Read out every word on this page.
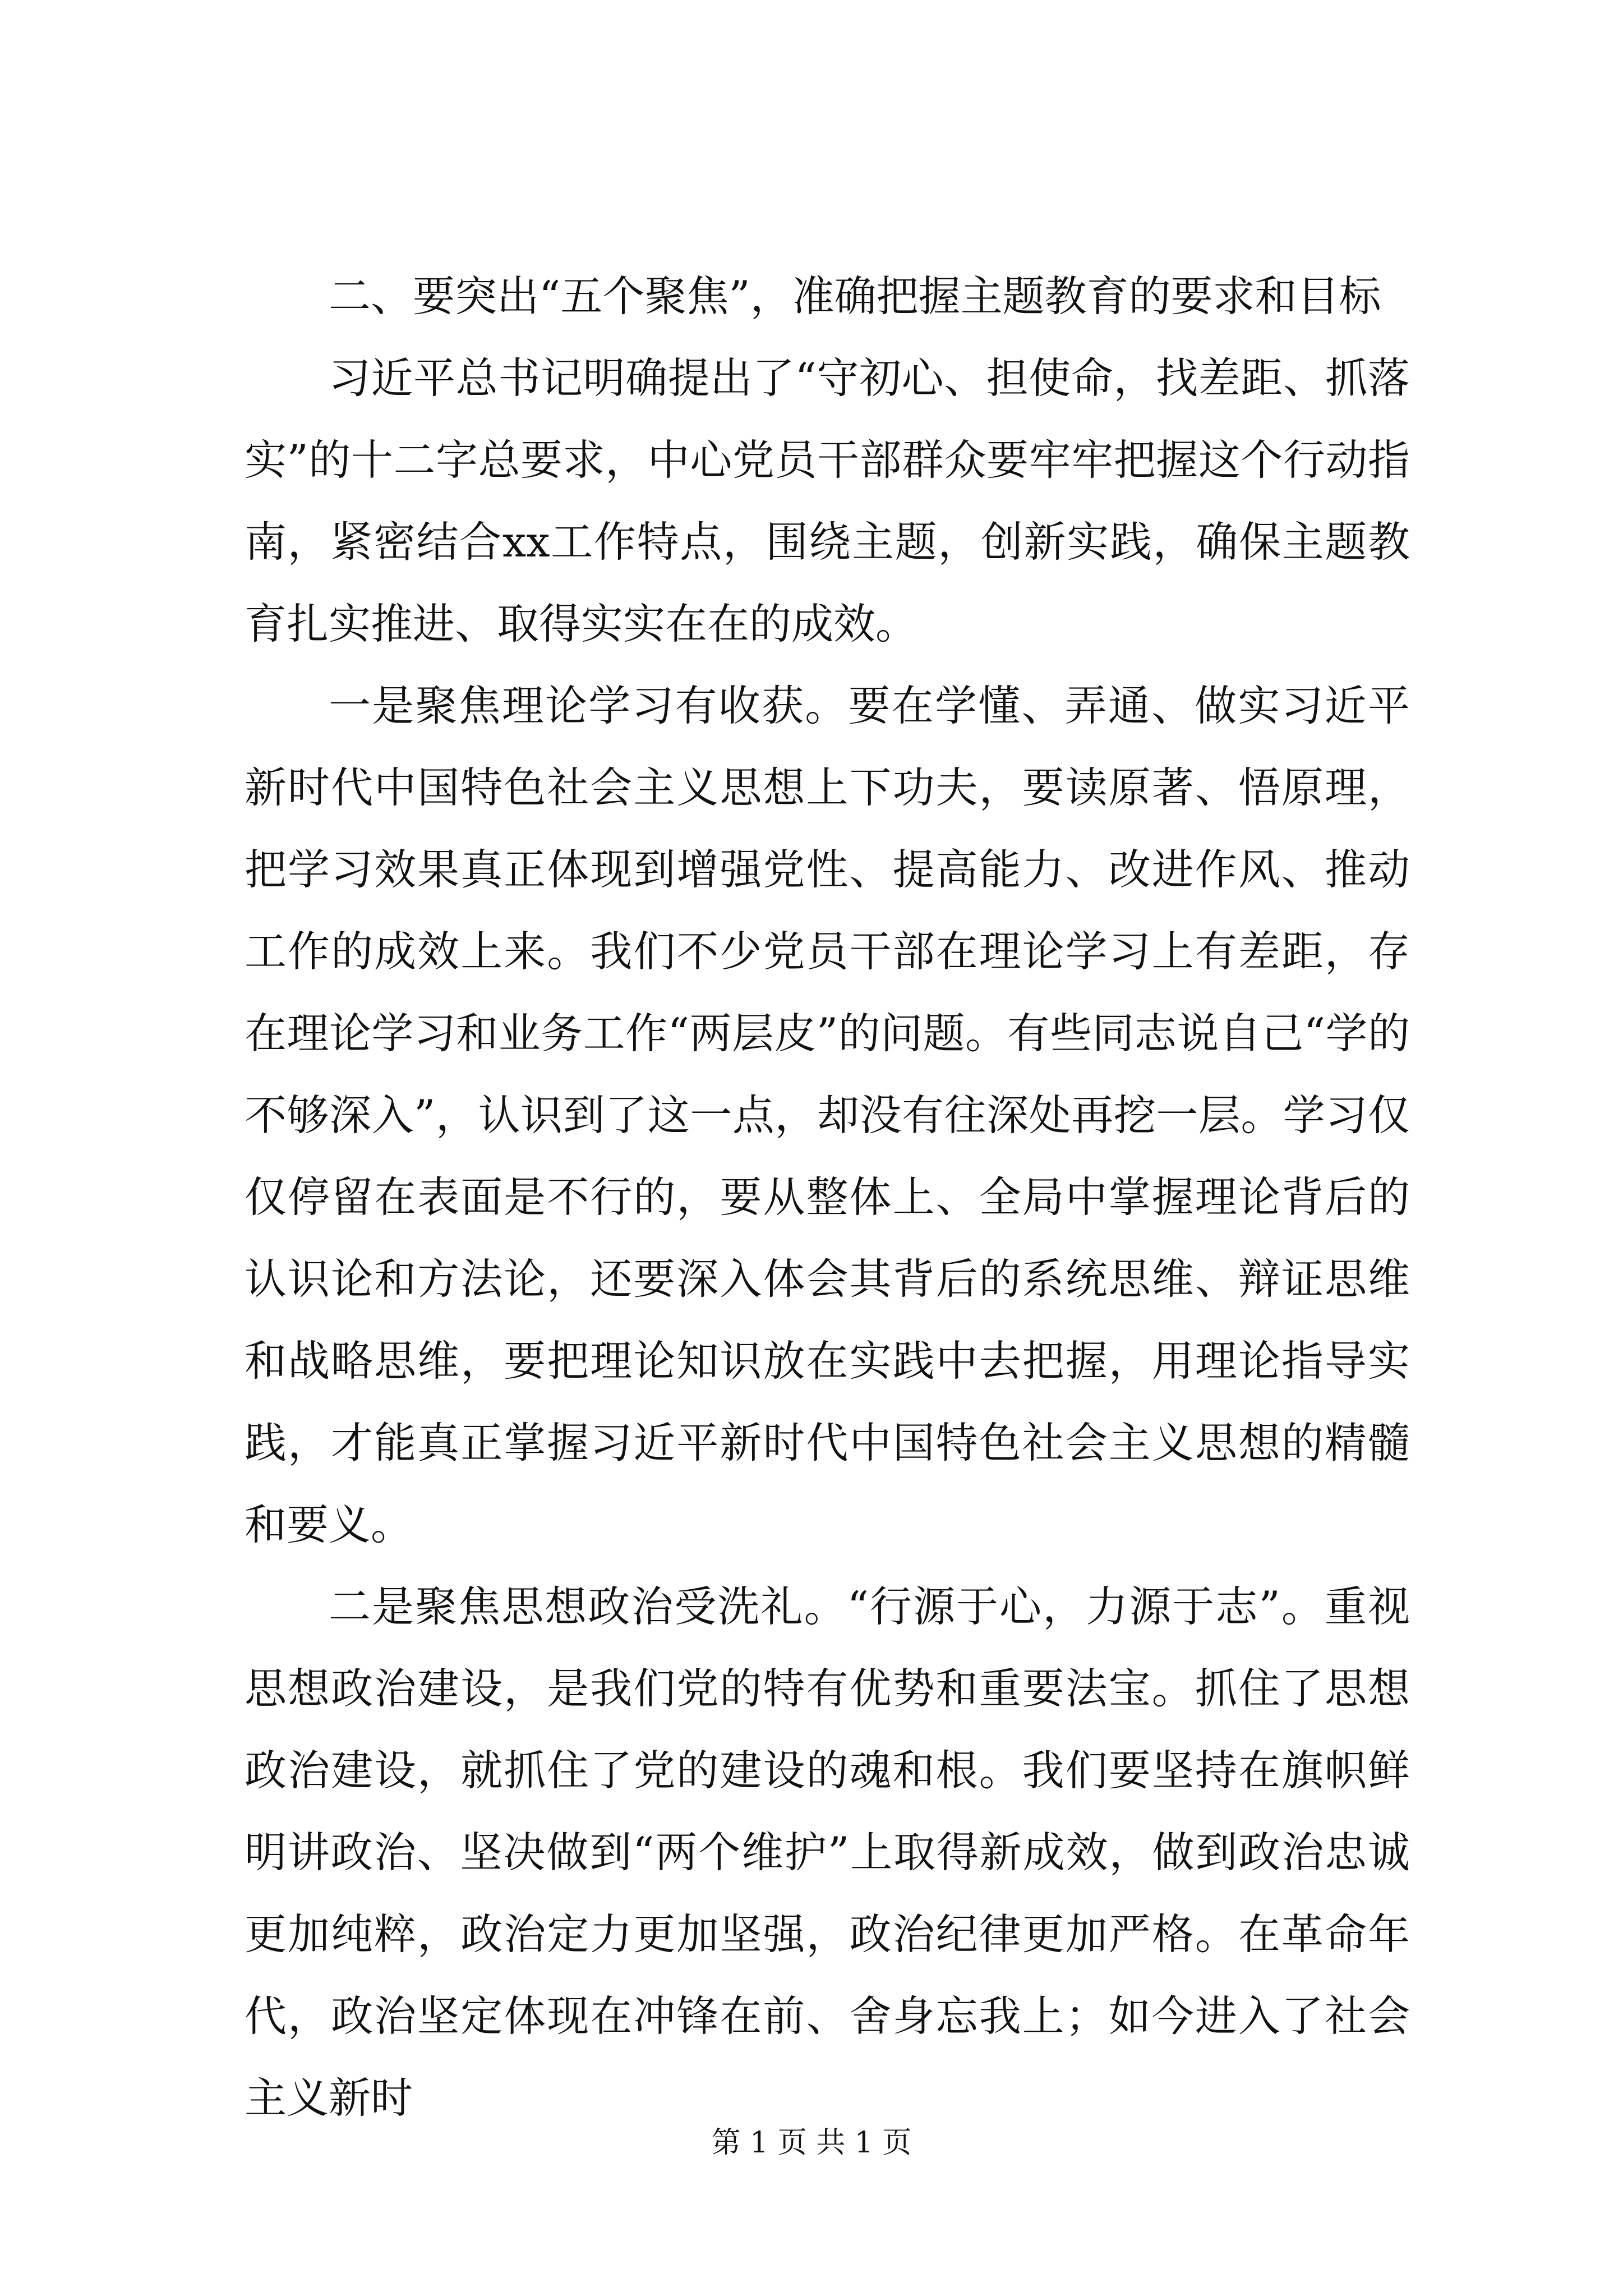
二、要突出“五个聚焦”，准确把握主题教育的要求和目标

习近平总书记明确提出了“守初心、担使命，找差距、抓落实”的十二字总要求，中心党员干部群众要牢牢把握这个行动指南，紧密结合xx工作特点，围绕主题，创新实践，确保主题教育扎实推进、取得实实在在的成效。

一是聚焦理论学习有收获。要在学懂、弄通、做实习近平新时代中国特色社会主义思想上下功夫，要读原著、悟原理，把学习效果真正体现到增强党性、提高能力、改进作风、推动工作的成效上来。我们不少党员干部在理论学习上有差距，存在理论学习和业务工作“两层皮”的问题。有些同志说自己“学的不够深入”，认识到了这一点，却没有往深处再挖一层。学习仅仅停留在表面是不行的，要从整体上、全局中掌握理论背后的认识论和方法论，还要深入体会其背后的系统思维、辩证思维和战略思维，要把理论知识放在实践中去把握，用理论指导实践，才能真正掌握习近平新时代中国特色社会主义思想的精髓和要义。

二是聚焦思想政治受洗礼。“行源于心，力源于志”。重视思想政治建设，是我们党的特有优势和重要法宝。抓住了思想政治建设，就抓住了党的建设的魂和根。我们要坚持在旗帜鲜明讲政治、坚决做到“两个维护”上取得新成效，做到政治忠诚更加纯粹，政治定力更加坚强，政治纪律更加严格。在革命年代，政治坚定体现在冲锋在前、舍身忘我上；如今进入了社会主义新时

第 1 页 共 1 页
